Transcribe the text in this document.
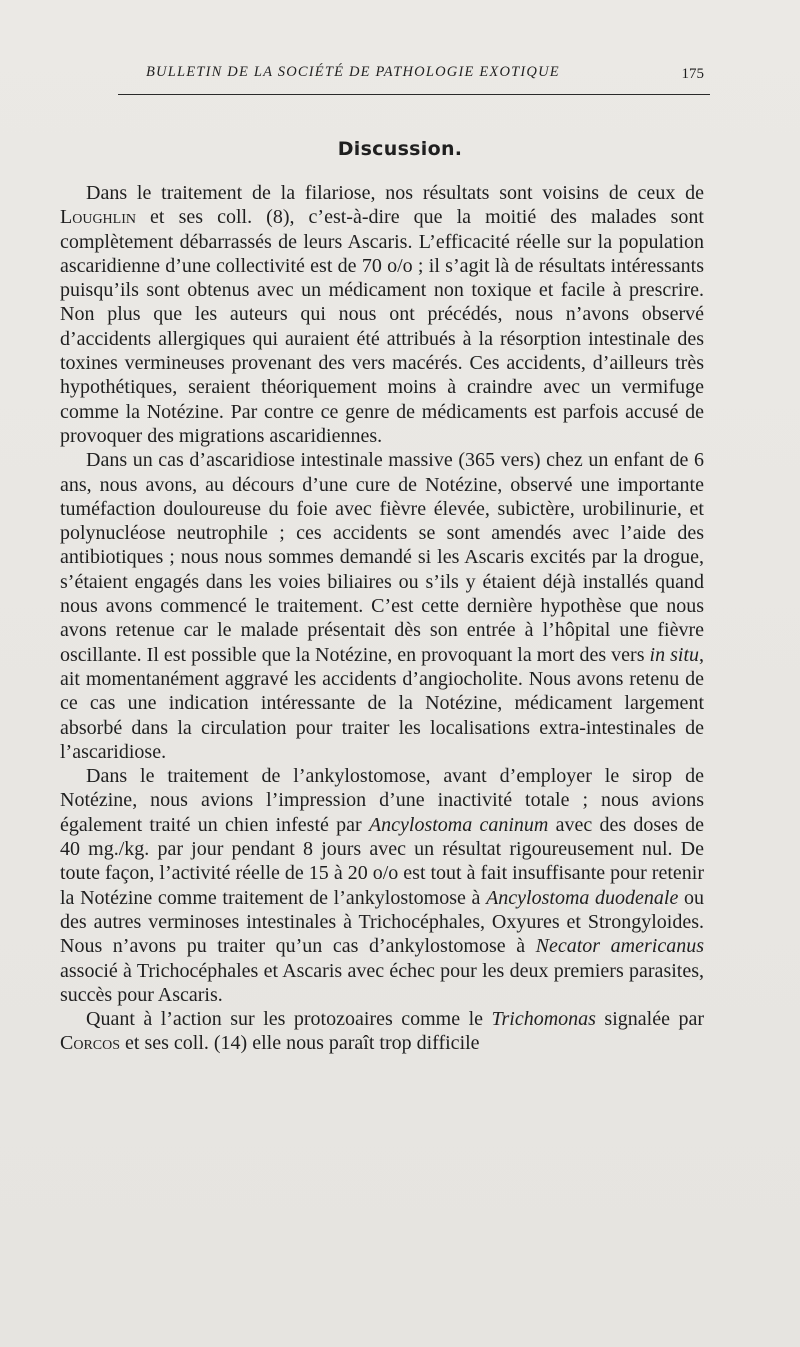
BULLETIN DE LA SOCIÉTÉ DE PATHOLOGIE EXOTIQUE	175
Discussion.

Dans le traitement de la filariose, nos résultats sont voisins de ceux de Loughlin et ses coll. (8), c’est-à-dire que la moitié des malades sont complètement débarrassés de leurs Ascaris. L’efficacité réelle sur la population ascaridienne d’une collectivité est de 70 o/o ; il s’agit là de résultats intéressants puisqu’ils sont obtenus avec un médicament non toxique et facile à prescrire. Non plus que les auteurs qui nous ont précédés, nous n’avons observé d’accidents allergiques qui auraient été attribués à la résorption intestinale des toxines vermineuses provenant des vers macérés. Ces accidents, d’ailleurs très hypothétiques, seraient théoriquement moins à craindre avec un vermifuge comme la Notézine. Par contre ce genre de médicaments est parfois accusé de provoquer des migrations ascaridiennes.

Dans un cas d’ascaridiose intestinale massive (365 vers) chez un enfant de 6 ans, nous avons, au décours d’une cure de Notézine, observé une importante tuméfaction douloureuse du foie avec fièvre élevée, subictère, urobilinurie, et polynucléose neutrophile ; ces accidents se sont amendés avec l’aide des antibiotiques ; nous nous sommes demandé si les Ascaris excités par la drogue, s’étaient engagés dans les voies biliaires ou s’ils y étaient déjà installés quand nous avons commencé le traitement. C’est cette dernière hypothèse que nous avons retenue car le malade présentait dès son entrée à l’hôpital une fièvre oscillante. Il est possible que la Notézine, en provoquant la mort des vers in situ, ait momentanément aggravé les accidents d’angiocholite. Nous avons retenu de ce cas une indication intéressante de la Notézine, médicament largement absorbé dans la circulation pour traiter les localisations extra-intestinales de l’ascaridiose.

Dans le traitement de l’ankylostomose, avant d’employer le sirop de Notézine, nous avions l’impression d’une inactivité totale ; nous avions également traité un chien infesté par Ancylostoma caninum avec des doses de 40 mg./kg. par jour pendant 8 jours avec un résultat rigoureusement nul. De toute façon, l’activité réelle de 15 à 20 o/o est tout à fait insuffisante pour retenir la Notézine comme traitement de l’ankylostomose à Ancylostoma duodenale ou des autres verminoses intestinales à Trichocéphales, Oxyures et Strongyloides. Nous n’avons pu traiter qu’un cas d’ankylostomose à Necator americanus associé à Trichocéphales et Ascaris avec échec pour les deux premiers parasites, succès pour Ascaris.

Quant à l’action sur les protozoaires comme le Trichomonas signalée par Corcos et ses coll. (14) elle nous paraît trop difficile
